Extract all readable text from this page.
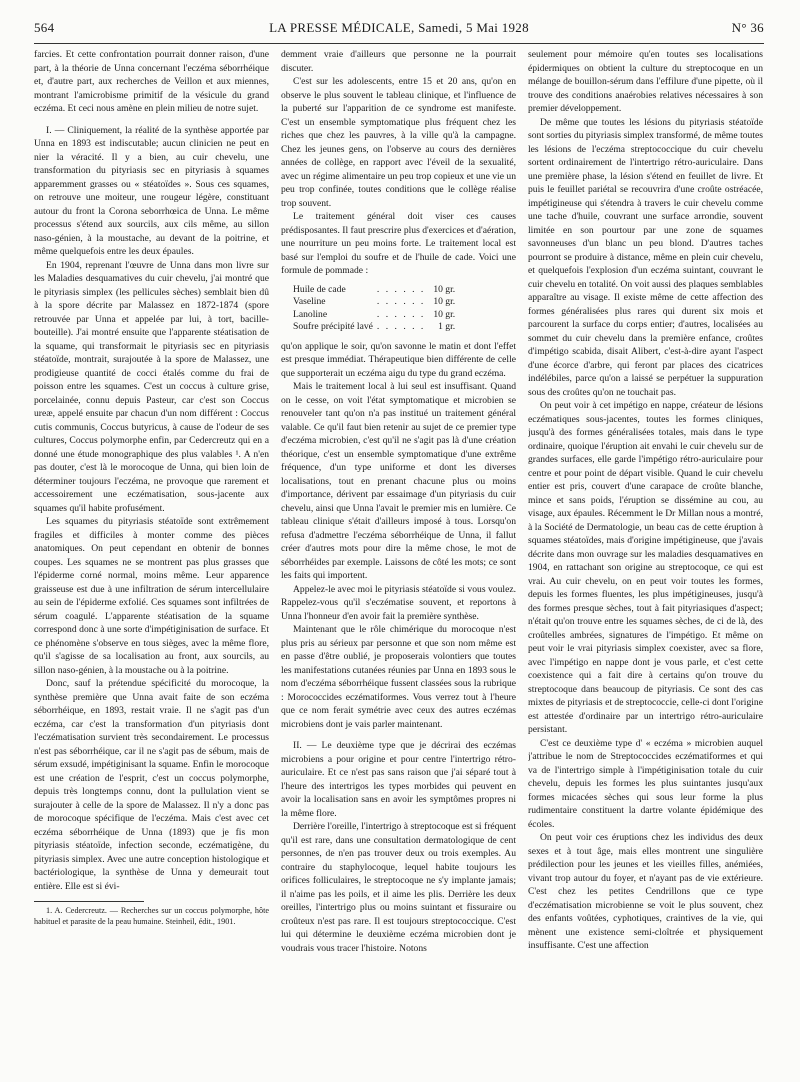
564	LA PRESSE MÉDICALE, Samedi, 5 Mai 1928	N° 36

farcies. Et cette confrontation pourrait donner raison, d'une part, à la théorie de Unna concernant l'eczéma séborrhéique et, d'autre part, aux recherches de Veillon et aux miennes, montrant l'amicrobisme primitif de la vésicule du grand eczéma. Et ceci nous amène en plein milieu de notre sujet.

I. — Cliniquement, la réalité de la synthèse apportée par Unna en 1893 est indiscutable; aucun clinicien ne peut en nier la véracité. Il y a bien, au cuir chevelu, une transformation du pityriasis sec en pityriasis à squames apparemment grasses ou « stéatoïdes ». Sous ces squames, on retrouve une moiteur, une rougeur légère, constituant autour du front la Corona seborrhœica de Unna. Le même processus s'étend aux sourcils, aux cils même, au sillon naso-génien, à la moustache, au devant de la poitrine, et même quelquefois entre les deux épaules.

En 1904, reprenant l'œuvre de Unna dans mon livre sur les Maladies desquamatives du cuir chevelu, j'ai montré que le pityriasis simplex (les pellicules sèches) semblait bien dû à la spore décrite par Malassez en 1872-1874 (spore retrouvée par Unna et appelée par lui, à tort, bacille-bouteille). J'ai montré ensuite que l'apparente stéatisation de la squame, qui transformait le pityriasis sec en pityriasis stéatoïde, montrait, surajoutée à la spore de Malassez, une prodigieuse quantité de cocci étalés comme du frai de poisson entre les squames. C'est un coccus à culture grise, porcelainée, connu depuis Pasteur, car c'est son Coccus ureæ, appelé ensuite par chacun d'un nom différent : Coccus cutis communis, Coccus butyricus, à cause de l'odeur de ses cultures, Coccus polymorphe enfin, par Cedercreutz qui en a donné une étude monographique des plus valables ¹. A n'en pas douter, c'est là le morocoque de Unna, qui bien loin de déterminer toujours l'eczéma, ne provoque que rarement et accessoirement une eczématisation, sous-jacente aux squames qu'il habite profusément.

Les squames du pityriasis stéatoïde sont extrêmement fragiles et difficiles à monter comme des pièces anatomiques. On peut cependant en obtenir de bonnes coupes. Les squames ne se montrent pas plus grasses que l'épiderme corné normal, moins même. Leur apparence graisseuse est due à une infiltration de sérum intercellulaire au sein de l'épiderme exfolié. Ces squames sont infiltrées de sérum coagulé. L'apparente stéatisation de la squame correspond donc à une sorte d'impétiginisation de surface. Et ce phénomène s'observe en tous sièges, avec la même flore, qu'il s'agisse de sa localisation au front, aux sourcils, au sillon naso-génien, à la moustache ou à la poitrine.

Donc, sauf la prétendue spécificité du morocoque, la synthèse première que Unna avait faite de son eczéma séborrhéique, en 1893, restait vraie. Il ne s'agit pas d'un eczéma, car c'est la transformation d'un pityriasis dont l'eczématisation survient très secondairement. Le processus n'est pas séborrhéique, car il ne s'agit pas de sébum, mais de sérum exsudé, impétiginisant la squame. Enfin le morocoque est une création de l'esprit, c'est un coccus polymorphe, depuis très longtemps connu, dont la pullulation vient se surajouter à celle de la spore de Malassez. Il n'y a donc pas de morocoque spécifique de l'eczéma. Mais c'est avec cet eczéma séborrhéique de Unna (1893) que je fis mon pityriasis stéatoïde, infection seconde, eczématigène, du pityriasis simplex. Avec une autre conception histologique et bactériologique, la synthèse de Unna y demeurait tout entière. Elle est si évi-

1. A. Cedercreutz. — Recherches sur un coccus polymorphe, hôte habituel et parasite de la peau humaine. Steinheil, édit., 1901.

demment vraie d'ailleurs que personne ne la pourrait discuter.

C'est sur les adolescents, entre 15 et 20 ans, qu'on en observe le plus souvent le tableau clinique, et l'influence de la puberté sur l'apparition de ce syndrome est manifeste. C'est un ensemble symptomatique plus fréquent chez les riches que chez les pauvres, à la ville qu'à la campagne. Chez les jeunes gens, on l'observe au cours des dernières années de collège, en rapport avec l'éveil de la sexualité, avec un régime alimentaire un peu trop copieux et une vie un peu trop confinée, toutes conditions que le collège réalise trop souvent.

Le traitement général doit viser ces causes prédisposantes. Il faut prescrire plus d'exercices et d'aération, une nourriture un peu moins forte. Le traitement local est basé sur l'emploi du soufre et de l'huile de cade. Voici une formule de pommade :

Huile de cade	. . . . . .	10 gr.
Vaseline	. . . . . .	10 gr.
Lanoline	. . . . . .	10 gr.
Soufre précipité lavé	. . . . . .	1 gr.

qu'on applique le soir, qu'on savonne le matin et dont l'effet est presque immédiat. Thérapeutique bien différente de celle que supporterait un eczéma aigu du type du grand eczéma.

Mais le traitement local à lui seul est insuffisant. Quand on le cesse, on voit l'état symptomatique et microbien se renouveler tant qu'on n'a pas institué un traitement général valable. Ce qu'il faut bien retenir au sujet de ce premier type d'eczéma microbien, c'est qu'il ne s'agit pas là d'une création théorique, c'est un ensemble symptomatique d'une extrême fréquence, d'un type uniforme et dont les diverses localisations, tout en prenant chacune plus ou moins d'importance, dérivent par essaimage d'un pityriasis du cuir chevelu, ainsi que Unna l'avait le premier mis en lumière. Ce tableau clinique s'était d'ailleurs imposé à tous. Lorsqu'on refusa d'admettre l'eczéma séborrhéique de Unna, il fallut créer d'autres mots pour dire la même chose, le mot de séborrhéides par exemple. Laissons de côté les mots; ce sont les faits qui importent.

Appelez-le avec moi le pityriasis stéatoïde si vous voulez. Rappelez-vous qu'il s'eczématise souvent, et reportons à Unna l'honneur d'en avoir fait la première synthèse.

Maintenant que le rôle chimérique du morocoque n'est plus pris au sérieux par personne et que son nom même est en passe d'être oublié, je proposerais volontiers que toutes les manifestations cutanées réunies par Unna en 1893 sous le nom d'eczéma séborrhéique fussent classées sous la rubrique : Morococcides eczématiformes. Vous verrez tout à l'heure que ce nom ferait symétrie avec ceux des autres eczémas microbiens dont je vais parler maintenant.

II. — Le deuxième type que je décrirai des eczémas microbiens a pour origine et pour centre l'intertrigo rétro-auriculaire. Et ce n'est pas sans raison que j'ai séparé tout à l'heure des intertrigos les types morbides qui peuvent en avoir la localisation sans en avoir les symptômes propres ni la même flore.

Derrière l'oreille, l'intertrigo à streptocoque est si fréquent qu'il est rare, dans une consultation dermatologique de cent personnes, de n'en pas trouver deux ou trois exemples. Au contraire du staphylocoque, lequel habite toujours les orifices folliculaires, le streptocoque ne s'y implante jamais; il n'aime pas les poils, et il aime les plis. Derrière les deux oreilles, l'intertrigo plus ou moins suintant et fissuraire ou croûteux n'est pas rare. Il est toujours streptococcique. C'est lui qui détermine le deuxième eczéma microbien dont je voudrais vous tracer l'histoire. Notons

seulement pour mémoire qu'en toutes ses localisations épidermiques on obtient la culture du streptocoque en un mélange de bouillon-sérum dans l'effilure d'une pipette, où il trouve des conditions anaérobies relatives nécessaires à son premier développement.

De même que toutes les lésions du pityriasis stéatoïde sont sorties du pityriasis simplex transformé, de même toutes les lésions de l'eczéma streptococcique du cuir chevelu sortent ordinairement de l'intertrigo rétro-auriculaire. Dans une première phase, la lésion s'étend en feuillet de livre. Et puis le feuillet pariétal se recouvrira d'une croûte ostréacée, impétigineuse qui s'étendra à travers le cuir chevelu comme une tache d'huile, couvrant une surface arrondie, souvent limitée en son pourtour par une zone de squames savonneuses d'un blanc un peu blond. D'autres taches pourront se produire à distance, même en plein cuir chevelu, et quelquefois l'explosion d'un eczéma suintant, couvrant le cuir chevelu en totalité. On voit aussi des plaques semblables apparaître au visage. Il existe même de cette affection des formes généralisées plus rares qui durent six mois et parcourent la surface du corps entier; d'autres, localisées au sommet du cuir chevelu dans la première enfance, croûtes d'impétigo scabida, disait Alibert, c'est-à-dire ayant l'aspect d'une écorce d'arbre, qui feront par places des cicatrices indélébiles, parce qu'on a laissé se perpétuer la suppuration sous des croûtes qu'on ne touchait pas.

On peut voir à cet impétigo en nappe, créateur de lésions eczématiques sous-jacentes, toutes les formes cliniques, jusqu'à des formes généralisées totales, mais dans le type ordinaire, quoique l'éruption ait envahi le cuir chevelu sur de grandes surfaces, elle garde l'impétigo rétro-auriculaire pour centre et pour point de départ visible. Quand le cuir chevelu entier est pris, couvert d'une carapace de croûte blanche, mince et sans poids, l'éruption se dissémine au cou, au visage, aux épaules. Récemment le Dr Millan nous a montré, à la Société de Dermatologie, un beau cas de cette éruption à squames stéatoïdes, mais d'origine impétigineuse, que j'avais décrite dans mon ouvrage sur les maladies desquamatives en 1904, en rattachant son origine au streptocoque, ce qui est vrai. Au cuir chevelu, on en peut voir toutes les formes, depuis les formes fluentes, les plus impétigineuses, jusqu'à des formes presque sèches, tout à fait pityriasiques d'aspect; n'était qu'on trouve entre les squames sèches, de ci de là, des croûtelles ambrées, signatures de l'impétigo. Et même on peut voir le vrai pityriasis simplex coexister, avec sa flore, avec l'impétigo en nappe dont je vous parle, et c'est cette coexistence qui a fait dire à certains qu'on trouve du streptocoque dans beaucoup de pityriasis. Ce sont des cas mixtes de pityriasis et de streptococcie, celle-ci dont l'origine est attestée d'ordinaire par un intertrigo rétro-auriculaire persistant.

C'est ce deuxième type d' « eczéma » microbien auquel j'attribue le nom de Streptococcides eczématiformes et qui va de l'intertrigo simple à l'impétiginisation totale du cuir chevelu, depuis les formes les plus suintantes jusqu'aux formes micacées sèches qui sous leur forme la plus rudimentaire constituent la dartre volante épidémique des écoles.

On peut voir ces éruptions chez les individus des deux sexes et à tout âge, mais elles montrent une singulière prédilection pour les jeunes et les vieilles filles, anémiées, vivant trop autour du foyer, et n'ayant pas de vie extérieure. C'est chez les petites Cendrillons que ce type d'eczématisation microbienne se voit le plus souvent, chez des enfants voûtées, cyphotiques, craintives de la vie, qui mènent une existence semi-cloîtrée et physiquement insuffisante. C'est une affection
